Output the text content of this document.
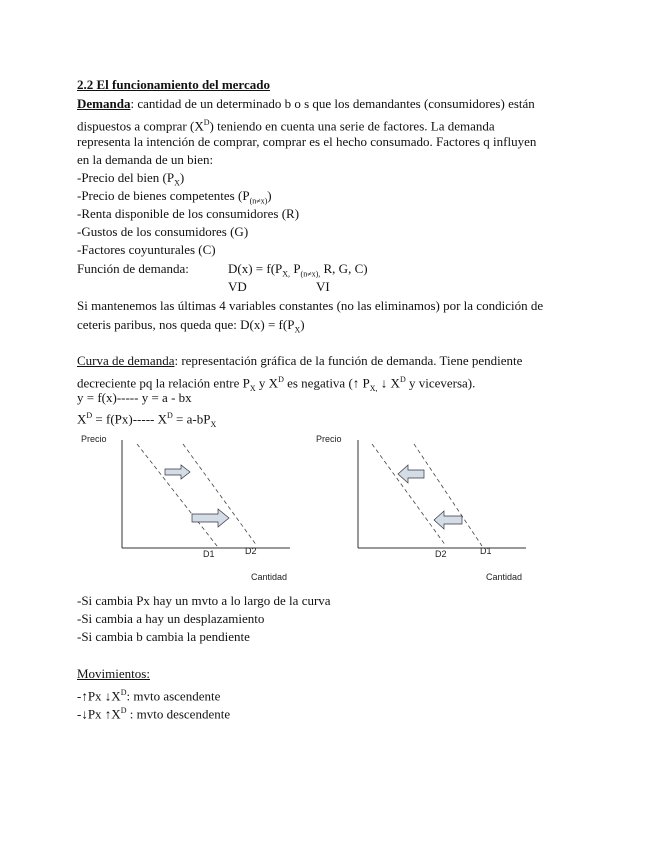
2.2 El funcionamiento del mercado
Demanda: cantidad de un determinado b o s que los demandantes (consumidores) están
dispuestos a comprar $(X^D)$ teniendo en cuenta una serie de factores. La demanda
representa la intención de comprar, comprar es el hecho consumado. Factores q influyen
en la demanda de un bien:
-Precio del bien $(P_X)$
-Precio de bienes competentes $(P_{(n\ne x)})$
-Renta disponible de los consumidores (R)
-Gustos de los consumidores (G)
-Factores coyunturales (C)
Función de demanda:	$D(x) = f(P_{X,}$ $P_{(n\ne x),}$ R, G, C)
VD	VI
Si mantenemos las últimas 4 variables constantes (no las eliminamos) por la condición de
ceteris paribus, nos queda que: $D(x) = f(P_X)$
Curva de demanda: representación gráfica de la función de demanda. Tiene pendiente
decreciente pq la relación entre $P_X$ y $X^D$ es negativa (↑ $P_{X,}$ ↓ $X^D$ y viceversa).
y = f(x)----- y = a - bx
$X^D = f(Px)-----$ $X^D = a-bP_X$
Precio
D1	D2
Cantidad
Precio
D2	D1
Cantidad
-Si cambia Px hay un mvto a lo largo de la curva
-Si cambia a hay un desplazamiento
-Si cambia b cambia la pendiente
Movimientos:
-↑Px $↓X^D$: mvto ascendente
-↓Px $↑X^D$ : mvto descendente
